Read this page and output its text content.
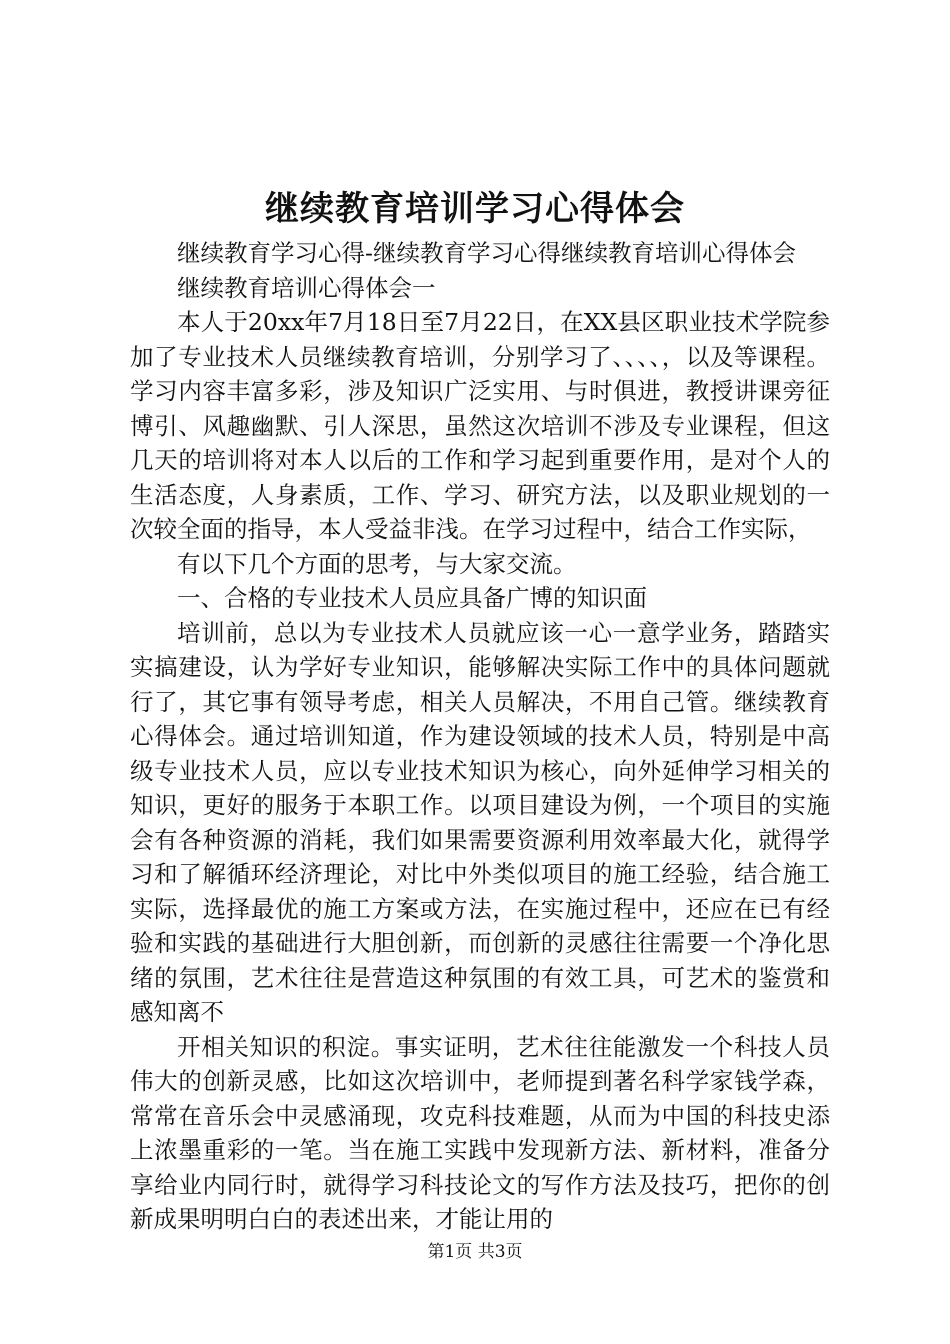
继续教育培训学习心得体会

继续教育学习心得-继续教育学习心得继续教育培训心得体会

继续教育培训心得体会一

本人于20xx年7月18日至7月22日，在XX县区职业技术学院参加了专业技术人员继续教育培训，分别学习了、、、、，以及等课程。学习内容丰富多彩，涉及知识广泛实用、与时俱进，教授讲课旁征博引、风趣幽默、引人深思，虽然这次培训不涉及专业课程，但这几天的培训将对本人以后的工作和学习起到重要作用，是对个人的生活态度，人身素质，工作、学习、研究方法，以及职业规划的一次较全面的指导，本人受益非浅。在学习过程中，结合工作实际，

有以下几个方面的思考，与大家交流。

一、合格的专业技术人员应具备广博的知识面

培训前，总以为专业技术人员就应该一心一意学业务，踏踏实实搞建设，认为学好专业知识，能够解决实际工作中的具体问题就行了，其它事有领导考虑，相关人员解决，不用自己管。继续教育心得体会。通过培训知道，作为建设领域的技术人员，特别是中高级专业技术人员，应以专业技术知识为核心，向外延伸学习相关的知识，更好的服务于本职工作。以项目建设为例，一个项目的实施会有各种资源的消耗，我们如果需要资源利用效率最大化，就得学习和了解循环经济理论，对比中外类似项目的施工经验，结合施工实际，选择最优的施工方案或方法，在实施过程中，还应在已有经验和实践的基础进行大胆创新，而创新的灵感往往需要一个净化思绪的氛围，艺术往往是营造这种氛围的有效工具，可艺术的鉴赏和感知离不

开相关知识的积淀。事实证明，艺术往往能激发一个科技人员伟大的创新灵感，比如这次培训中，老师提到著名科学家钱学森，常常在音乐会中灵感涌现，攻克科技难题，从而为中国的科技史添上浓墨重彩的一笔。当在施工实践中发现新方法、新材料，准备分享给业内同行时，就得学习科技论文的写作方法及技巧，把你的创新成果明明白白的表述出来，才能让用的

第1页 共3页
